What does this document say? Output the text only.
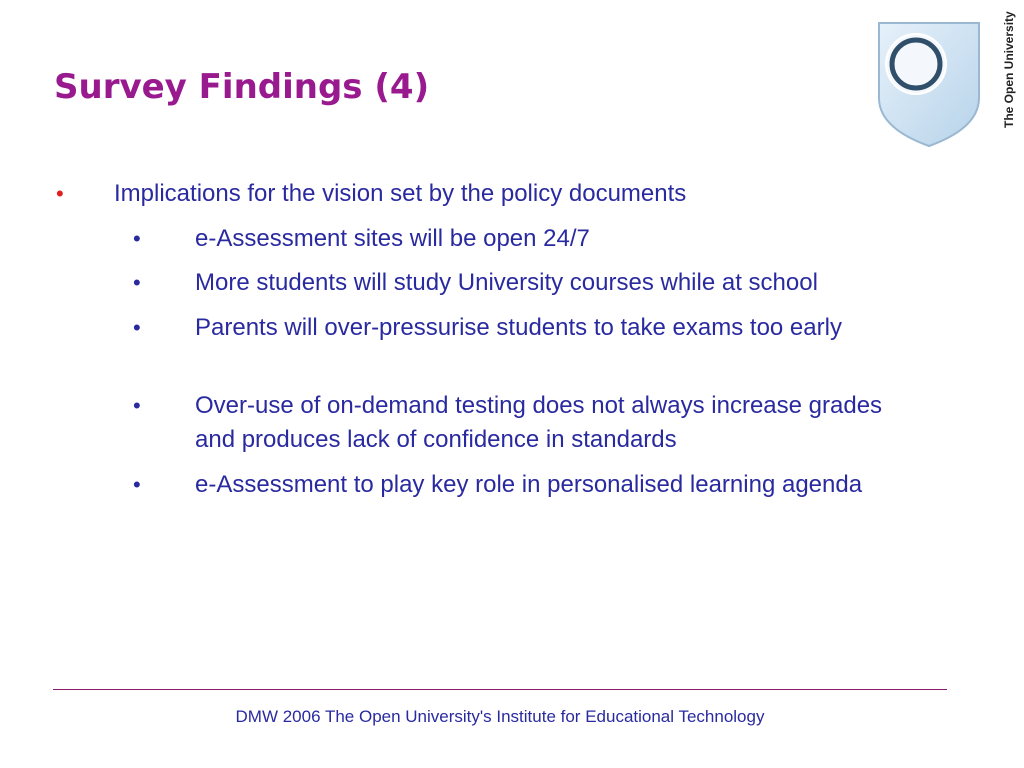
Survey Findings (4)	The Open University
• Implications for the vision set by the policy documents
• e-Assessment sites will be open 24/7
• More students will study University courses while at school
• Parents will over-pressurise students to take exams too early
• Over-use of on-demand testing does not always increase grades and produces lack of confidence in standards
• e-Assessment to play key role in personalised learning agenda
DMW 2006 The Open University's Institute for Educational Technology
